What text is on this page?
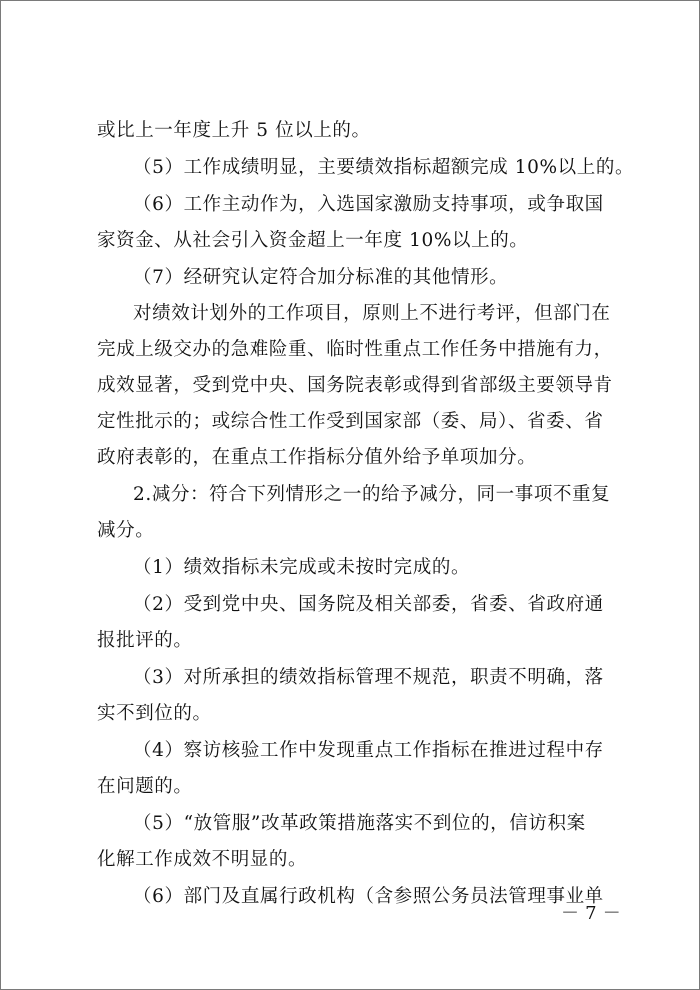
或比上一年度上升 5 位以上的。
（5）工作成绩明显，主要绩效指标超额完成 10%以上的。
（6）工作主动作为，入选国家激励支持事项，或争取国
家资金、从社会引入资金超上一年度 10%以上的。
（7）经研究认定符合加分标准的其他情形。
对绩效计划外的工作项目，原则上不进行考评，但部门在
完成上级交办的急难险重、临时性重点工作任务中措施有力，
成效显著，受到党中央、国务院表彰或得到省部级主要领导肯
定性批示的；或综合性工作受到国家部（委、局）、省委、省
政府表彰的，在重点工作指标分值外给予单项加分。
2.减分：符合下列情形之一的给予减分，同一事项不重复
减分。
（1）绩效指标未完成或未按时完成的。
（2）受到党中央、国务院及相关部委，省委、省政府通
报批评的。
（3）对所承担的绩效指标管理不规范，职责不明确，落
实不到位的。
（4）察访核验工作中发现重点工作指标在推进过程中存
在问题的。
（5）“放管服”改革政策措施落实不到位的，信访积案
化解工作成效不明显的。
（6）部门及直属行政机构（含参照公务员法管理事业单
－ 7 －
